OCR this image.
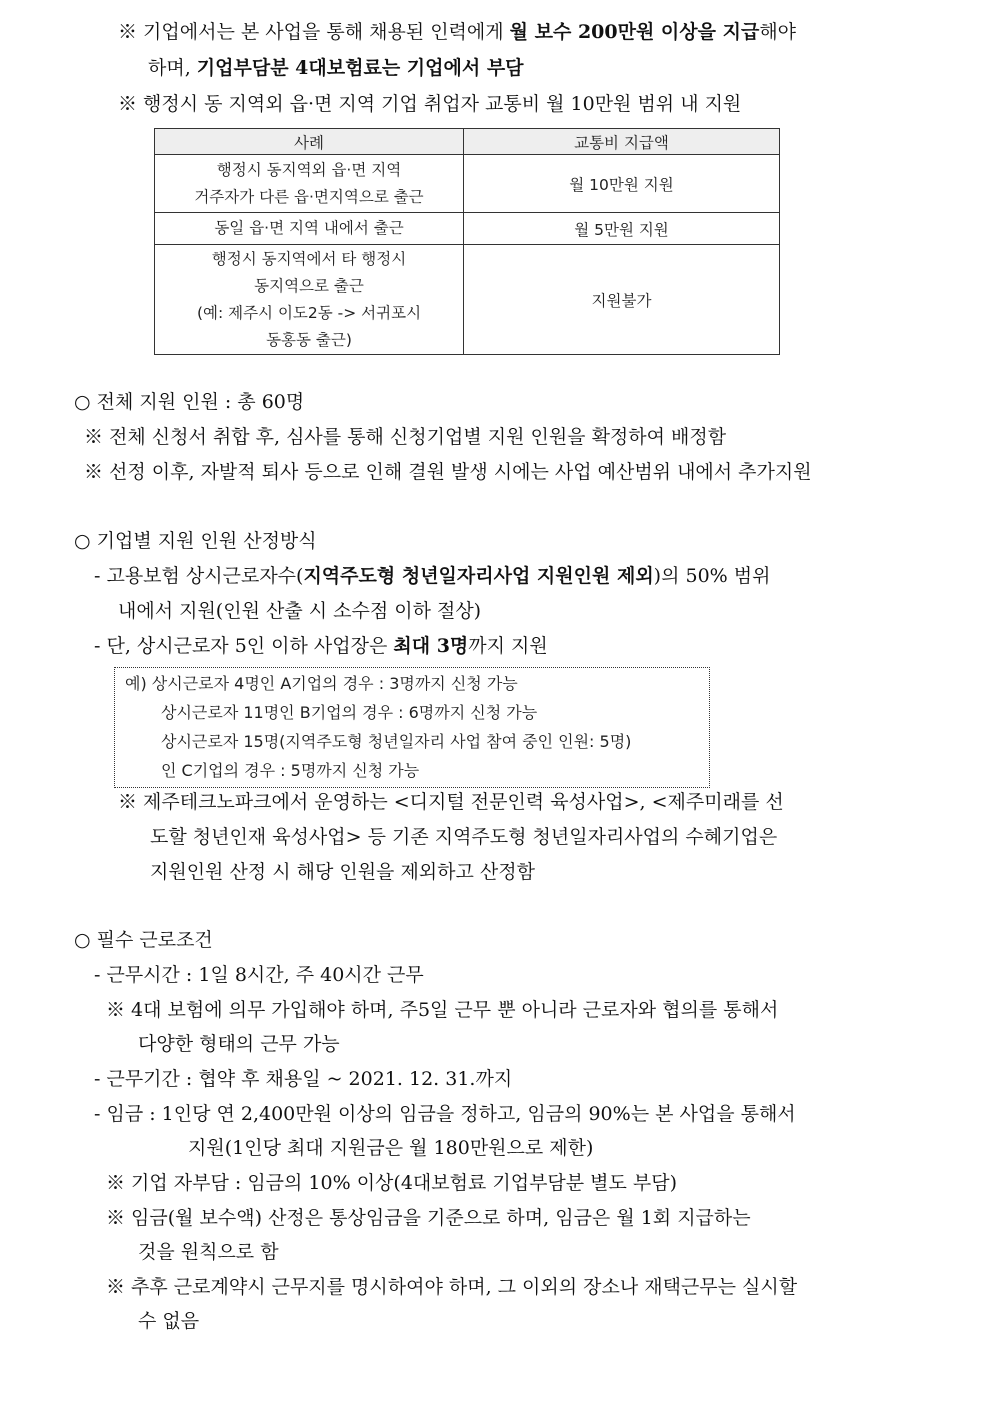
※ 기업에서는 본 사업을 통해 채용된 인력에게 월 보수 200만원 이상을 지급해야
하며, 기업부담분 4대보험료는 기업에서 부담
※ 행정시 동 지역외 읍·면 지역 기업 취업자 교통비 월 10만원 범위 내 지원
사례	교통비 지급액

행정시 동지역외 읍·면 지역
거주자가 다른 읍·면지역으로 출근	월 10만원 지원

동일 읍·면 지역 내에서 출근	월 5만원 지원

행정시 동지역에서 타 행정시
동지역으로 출근
(예: 제주시 이도2동 -> 서귀포시
동홍동 출근)	지원불가
○ 전체 지원 인원 : 총 60명
※ 전체 신청서 취합 후, 심사를 통해 신청기업별 지원 인원을 확정하여 배정함
※ 선정 이후, 자발적 퇴사 등으로 인해 결원 발생 시에는 사업 예산범위 내에서 추가지원
○ 기업별 지원 인원 산정방식
- 고용보험 상시근로자수(지역주도형 청년일자리사업 지원인원 제외)의 50% 범위
내에서 지원(인원 산출 시 소수점 이하 절상)
- 단, 상시근로자 5인 이하 사업장은 최대 3명까지 지원
예) 상시근로자 4명인 A기업의 경우 : 3명까지 신청 가능
상시근로자 11명인 B기업의 경우 : 6명까지 신청 가능
상시근로자 15명(지역주도형 청년일자리 사업 참여 중인 인원: 5명)
인 C기업의 경우 : 5명까지 신청 가능
※ 제주테크노파크에서 운영하는 <디지털 전문인력 육성사업>, <제주미래를 선
도할 청년인재 육성사업> 등 기존 지역주도형 청년일자리사업의 수혜기업은
지원인원 산정 시 해당 인원을 제외하고 산정함
○ 필수 근로조건
- 근무시간 : 1일 8시간, 주 40시간 근무
※ 4대 보험에 의무 가입해야 하며, 주5일 근무 뿐 아니라 근로자와 협의를 통해서
다양한 형태의 근무 가능
- 근무기간 : 협약 후 채용일 ~ 2021. 12. 31.까지
- 임금 : 1인당 연 2,400만원 이상의 임금을 정하고, 임금의 90%는 본 사업을 통해서
지원(1인당 최대 지원금은 월 180만원으로 제한)
※ 기업 자부담 : 임금의 10% 이상(4대보험료 기업부담분 별도 부담)
※ 임금(월 보수액) 산정은 통상임금을 기준으로 하며, 임금은 월 1회 지급하는
것을 원칙으로 함
※ 추후 근로계약시 근무지를 명시하여야 하며, 그 이외의 장소나 재택근무는 실시할
수 없음
